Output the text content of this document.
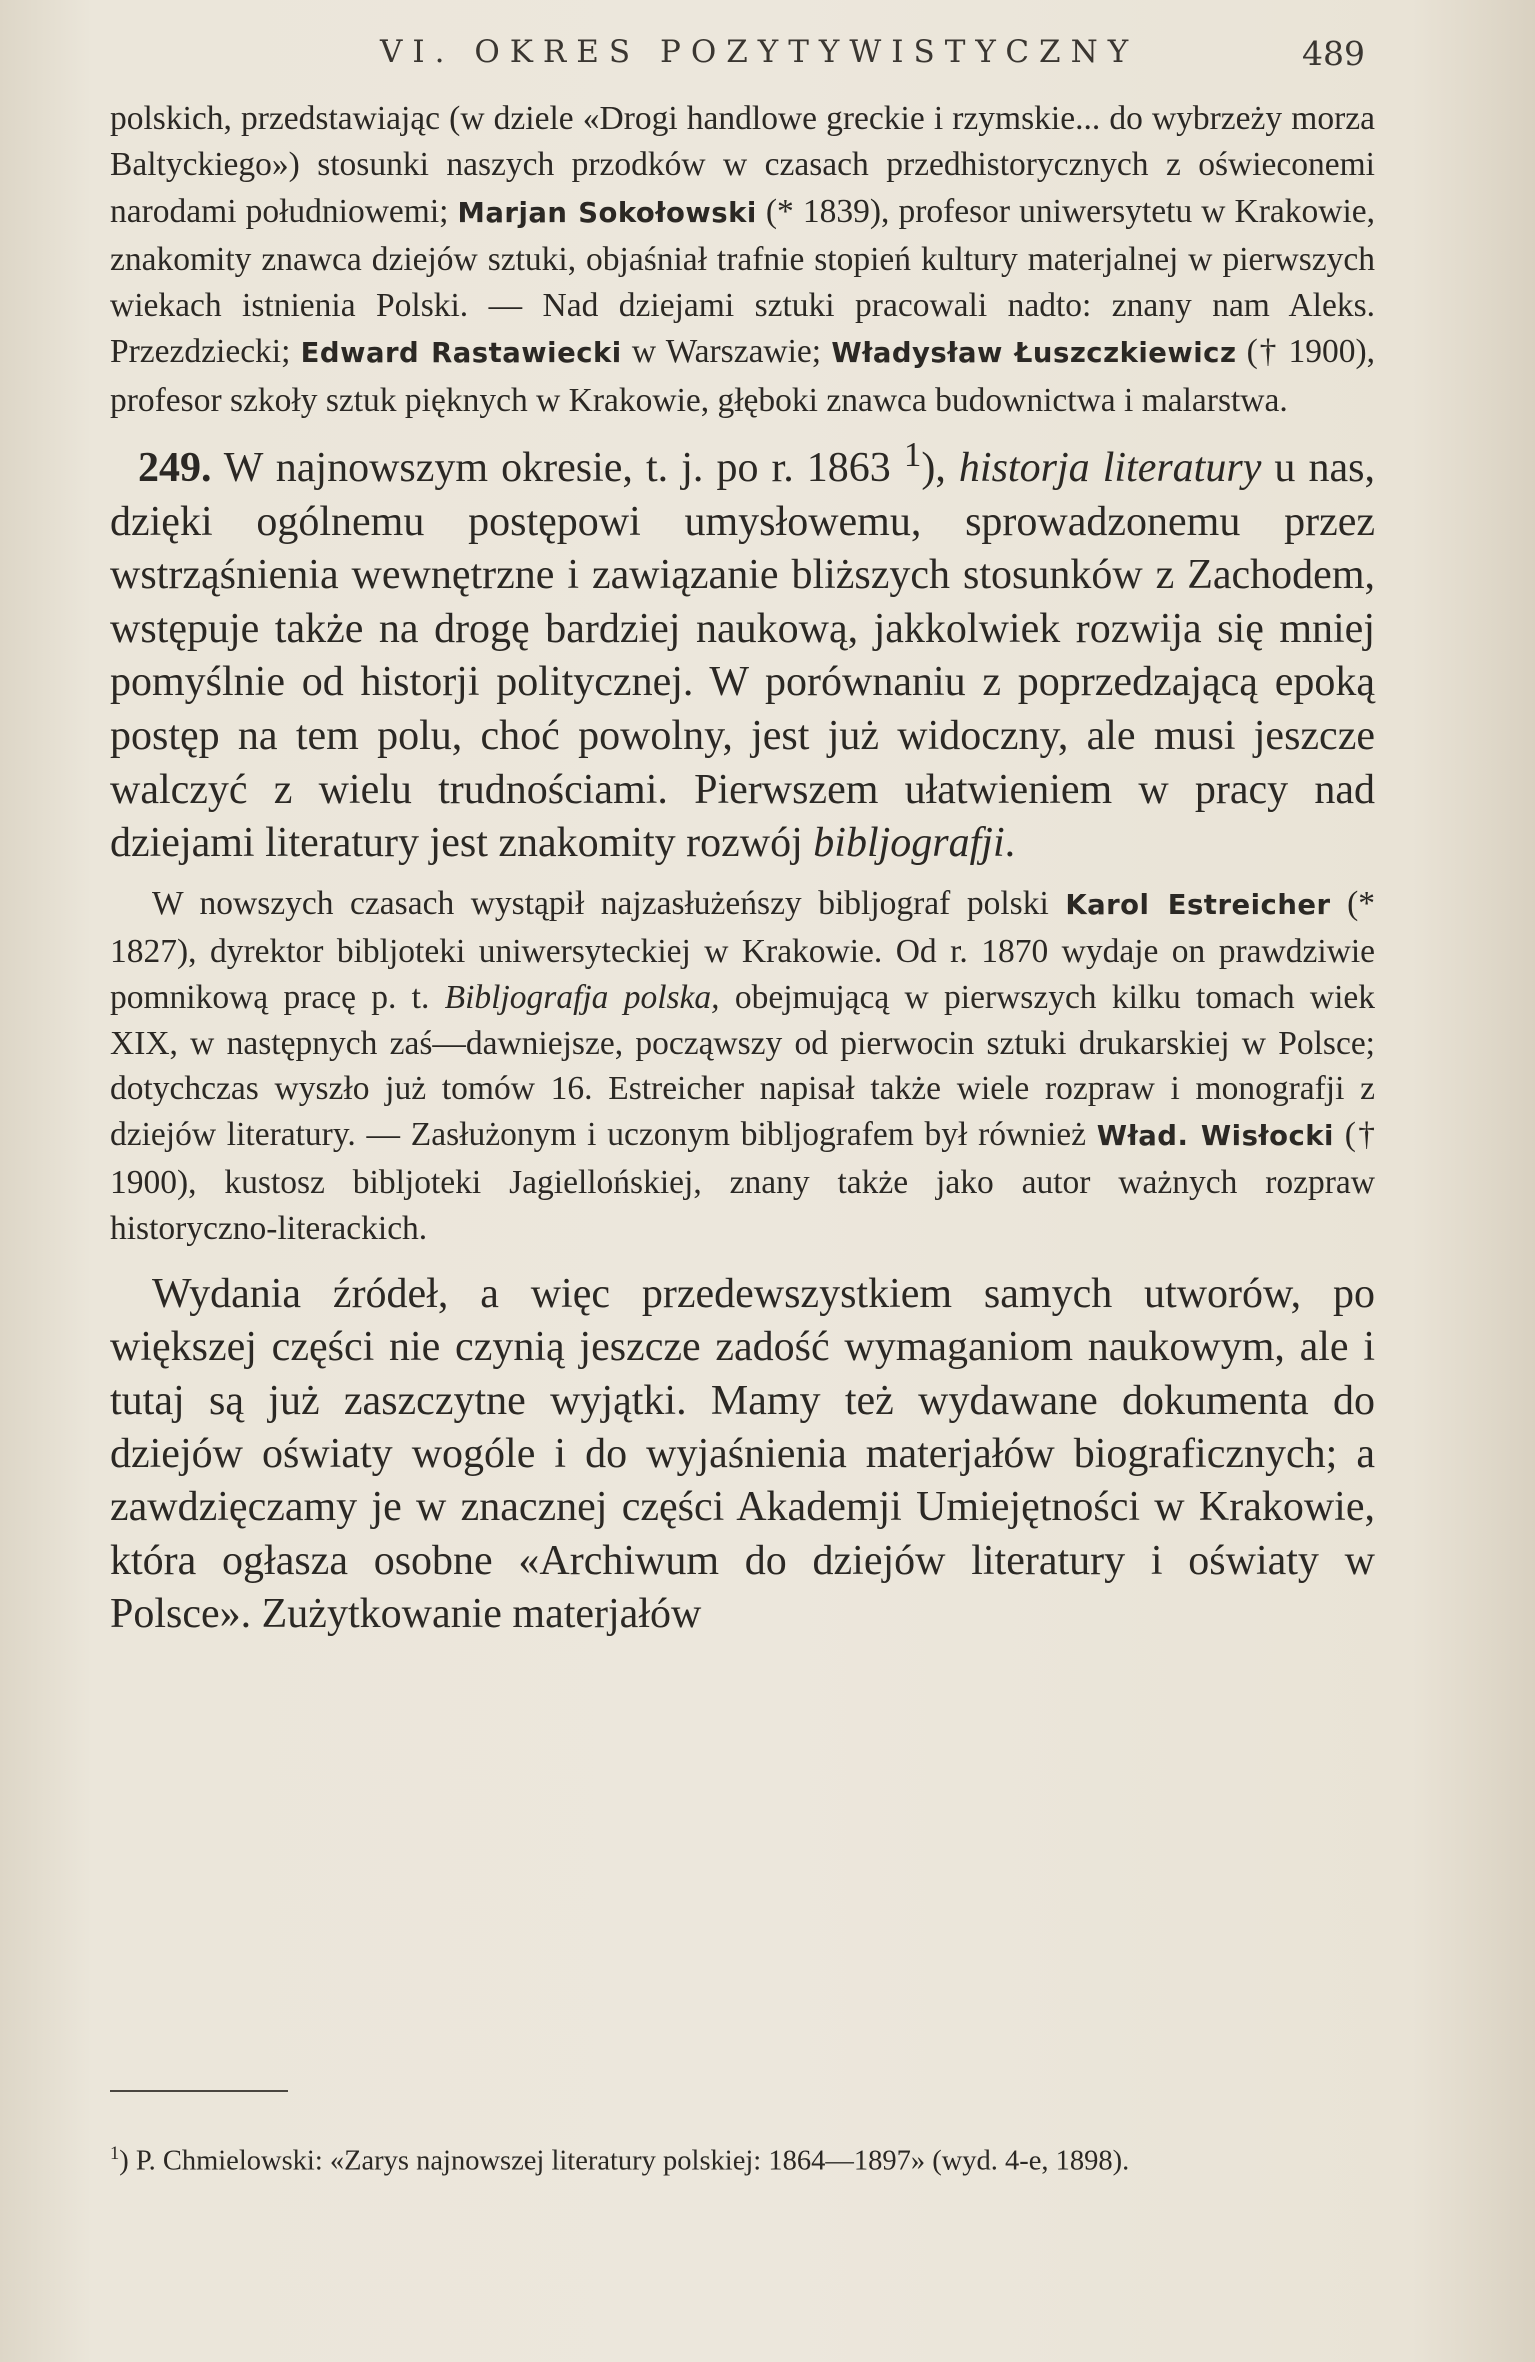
VI. OKRES POZYTYWISTYCZNY	489

polskich, przedstawiając (w dziele «Drogi handlowe greckie i rzymskie... do wybrzeży morza Baltyckiego») stosunki naszych przodków w czasach przedhistorycznych z oświeconemi narodami południowemi; Marjan Sokołowski (* 1839), profesor uniwersytetu w Krakowie, znakomity znawca dziejów sztuki, objaśniał trafnie stopień kultury materjalnej w pierwszych wiekach istnienia Polski. — Nad dziejami sztuki pracowali nadto: znany nam Aleks. Przezdziecki; Edward Rastawiecki w Warszawie; Władysław Łuszczkiewicz († 1900), profesor szkoły sztuk pięknych w Krakowie, głęboki znawca budownictwa i malarstwa.

249. W najnowszym okresie, t. j. po r. 1863 $^1$), historja literatury u nas, dzięki ogólnemu postępowi umysłowemu, sprowadzonemu przez wstrząśnienia wewnętrzne i zawiązanie bliższych stosunków z Zachodem, wstępuje także na drogę bardziej naukową, jakkolwiek rozwija się mniej pomyślnie od historji politycznej. W porównaniu z poprzedzającą epoką postęp na tem polu, choć powolny, jest już widoczny, ale musi jeszcze walczyć z wielu trudnościami. Pierwszem ułatwieniem w pracy nad dziejami literatury jest znakomity rozwój bibljografji.

W nowszych czasach wystąpił najzasłużeńszy bibljograf polski Karol Estreicher (* 1827), dyrektor bibljoteki uniwersyteckiej w Krakowie. Od r. 1870 wydaje on prawdziwie pomnikową pracę p. t. Bibljografja polska, obejmującą w pierwszych kilku tomach wiek XIX, w następnych zaś—dawniejsze, począwszy od pierwocin sztuki drukarskiej w Polsce; dotychczas wyszło już tomów 16. Estreicher napisał także wiele rozpraw i monografji z dziejów literatury. — Zasłużonym i uczonym bibljografem był również Wład. Wisłocki († 1900), kustosz bibljoteki Jagiellońskiej, znany także jako autor ważnych rozpraw historyczno-literackich.

Wydania źródeł, a więc przedewszystkiem samych utworów, po większej części nie czynią jeszcze zadość wymaganiom naukowym, ale i tutaj są już zaszczytne wyjątki. Mamy też wydawane dokumenta do dziejów oświaty wogóle i do wyjaśnienia materjałów biograficznych; a zawdzięczamy je w znacznej części Akademji Umiejętności w Krakowie, która ogłasza osobne «Archiwum do dziejów literatury i oświaty w Polsce». Zużytkowanie materjałów

$^1$) P. Chmielowski: «Zarys najnowszej literatury polskiej: 1864—1897» (wyd. 4-e, 1898).
